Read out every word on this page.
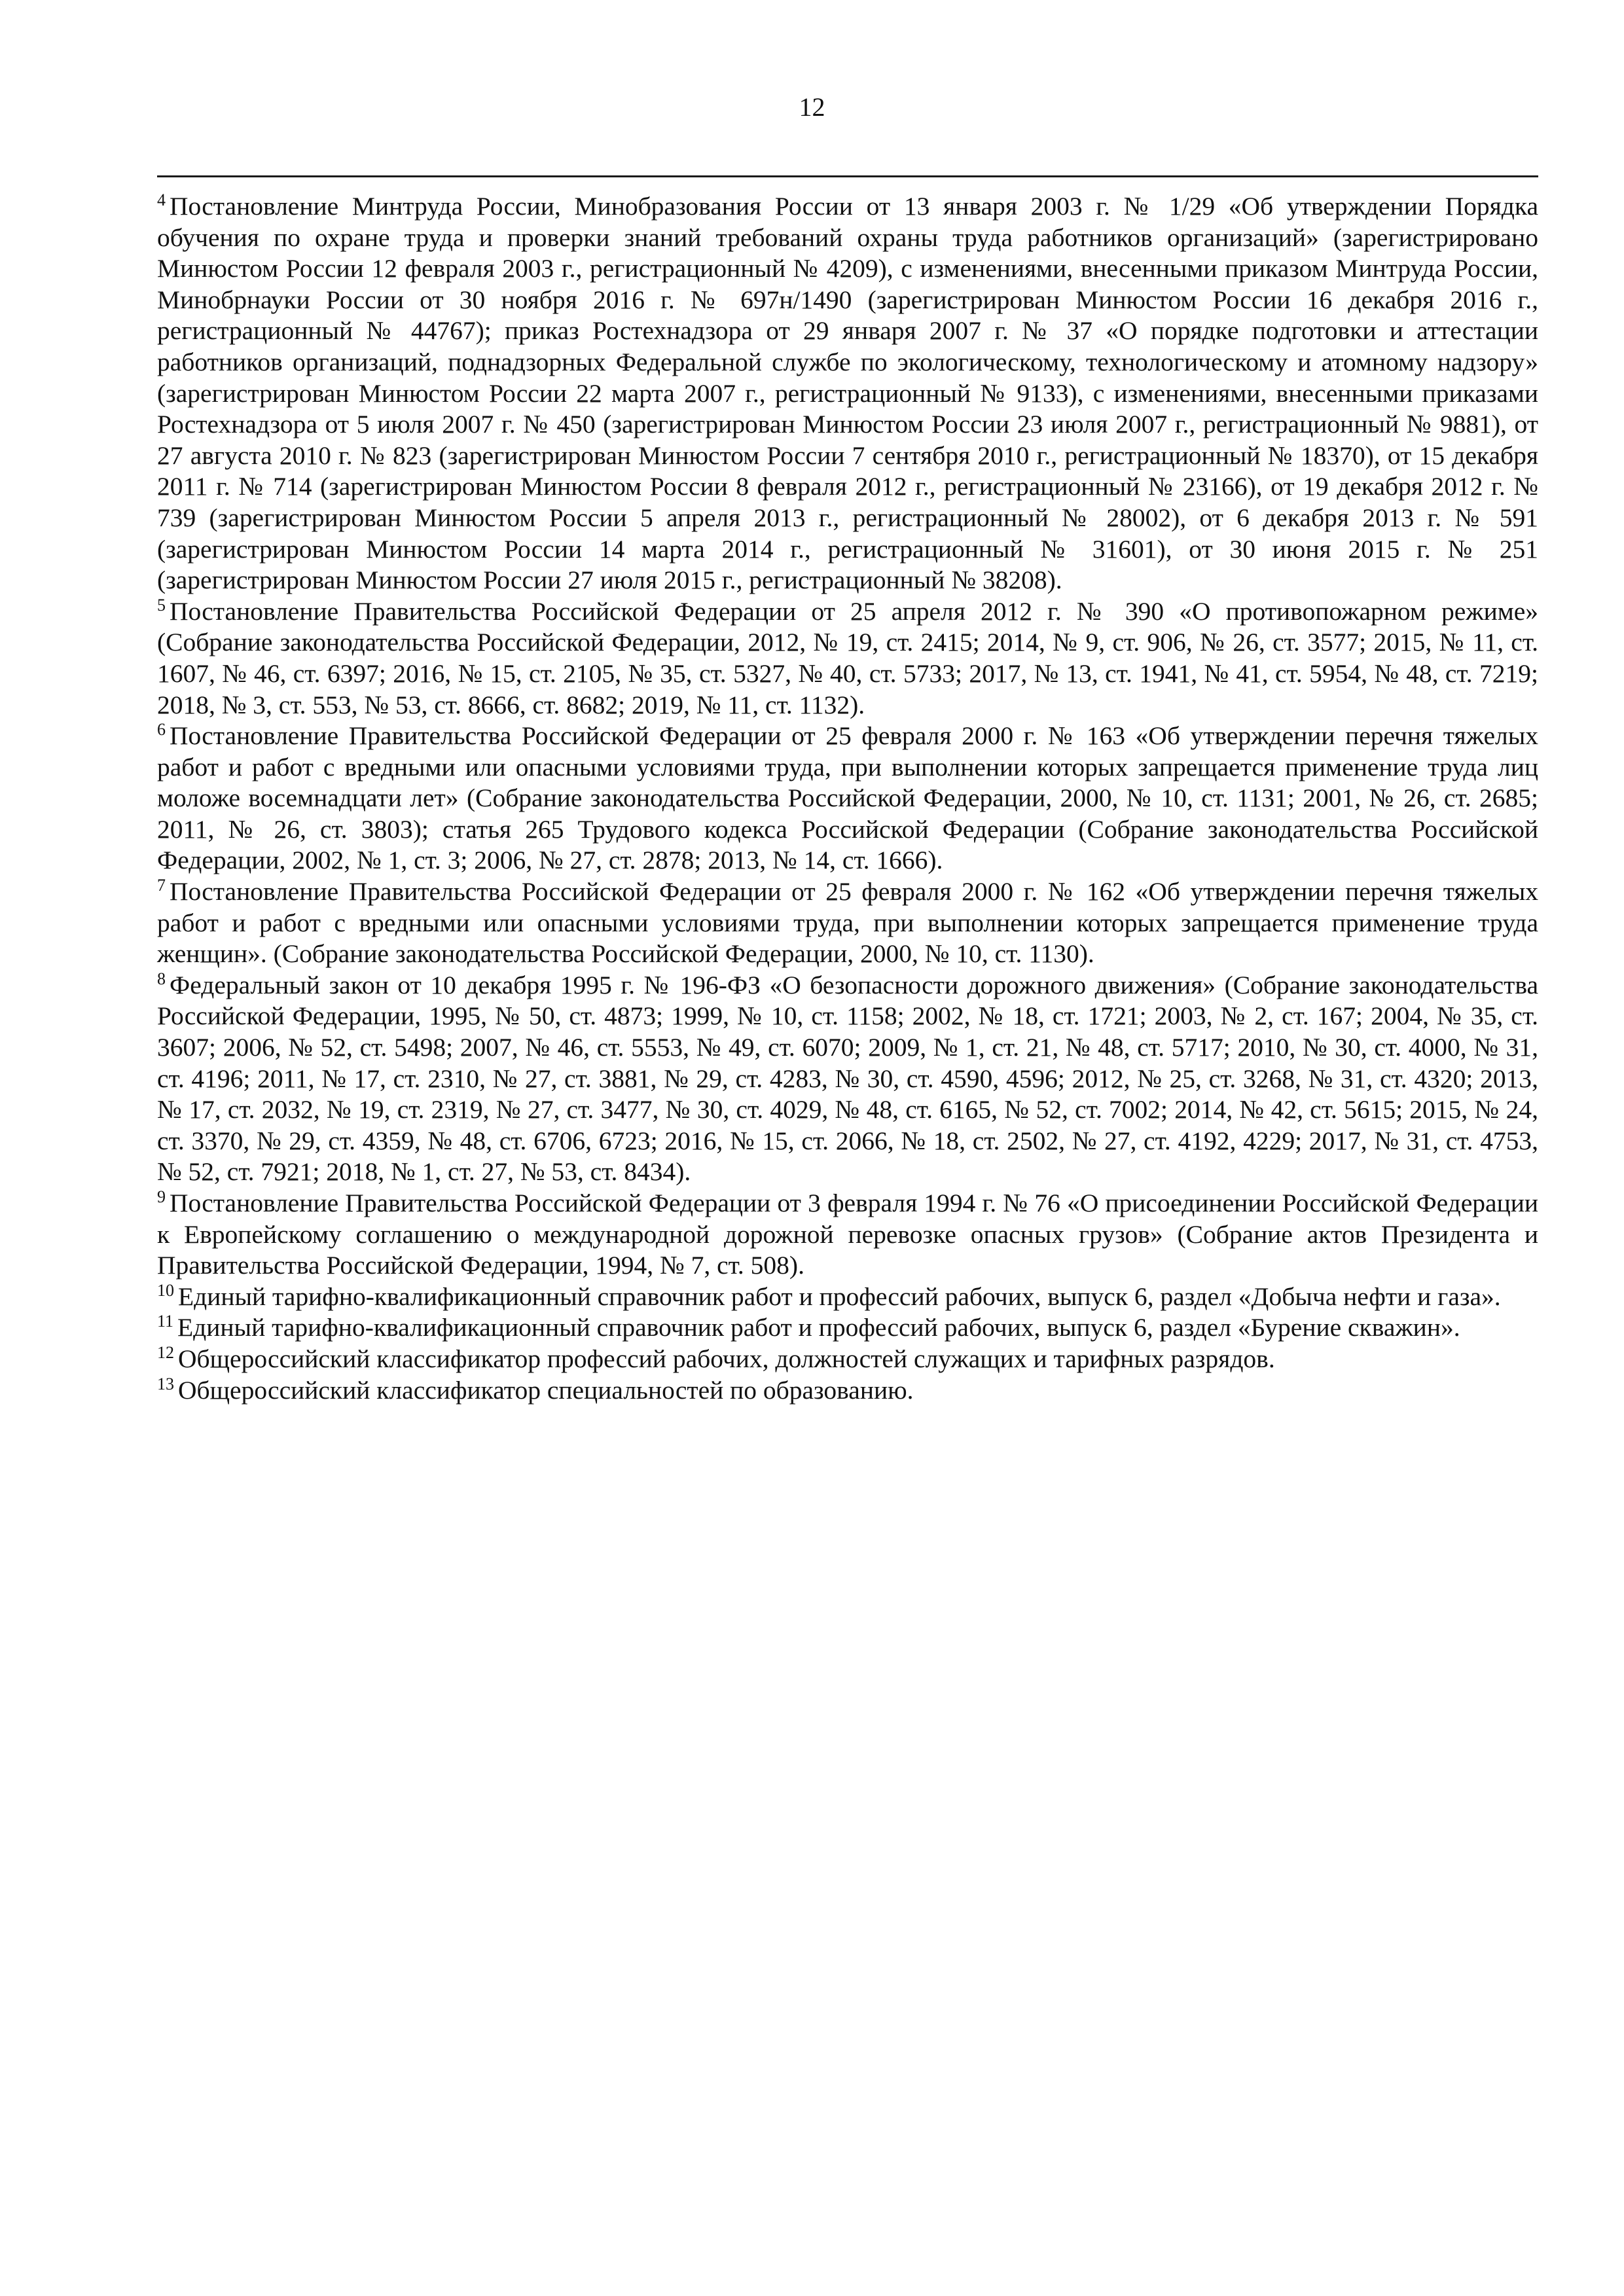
12

$^4$ Постановление Минтруда России, Минобразования России от 13 января 2003 г. № 1/29 «Об утверждении Порядка обучения по охране труда и проверки знаний требований охраны труда работников организаций» (зарегистрировано Минюстом России 12 февраля 2003 г., регистрационный № 4209), с изменениями, внесенными приказом Минтруда России, Минобрнауки России от 30 ноября 2016 г. № 697н/1490 (зарегистрирован Минюстом России 16 декабря 2016 г., регистрационный № 44767); приказ Ростехнадзора от 29 января 2007 г. № 37 «О порядке подготовки и аттестации работников организаций, поднадзорных Федеральной службе по экологическому, технологическому и атомному надзору» (зарегистрирован Минюстом России 22 марта 2007 г., регистрационный № 9133), с изменениями, внесенными приказами Ростехнадзора от 5 июля 2007 г. № 450 (зарегистрирован Минюстом России 23 июля 2007 г., регистрационный № 9881), от 27 августа 2010 г. № 823 (зарегистрирован Минюстом России 7 сентября 2010 г., регистрационный № 18370), от 15 декабря 2011 г. № 714 (зарегистрирован Минюстом России 8 февраля 2012 г., регистрационный № 23166), от 19 декабря 2012 г. № 739 (зарегистрирован Минюстом России 5 апреля 2013 г., регистрационный № 28002), от 6 декабря 2013 г. № 591 (зарегистрирован Минюстом России 14 марта 2014 г., регистрационный № 31601), от 30 июня 2015 г. № 251 (зарегистрирован Минюстом России 27 июля 2015 г., регистрационный № 38208).

$^5$ Постановление Правительства Российской Федерации от 25 апреля 2012 г. № 390 «О противопожарном режиме» (Собрание законодательства Российской Федерации, 2012, № 19, ст. 2415; 2014, № 9, ст. 906, № 26, ст. 3577; 2015, № 11, ст. 1607, № 46, ст. 6397; 2016, № 15, ст. 2105, № 35, ст. 5327, № 40, ст. 5733; 2017, № 13, ст. 1941, № 41, ст. 5954, № 48, ст. 7219; 2018, № 3, ст. 553, № 53, ст. 8666, ст. 8682; 2019, № 11, ст. 1132).

$^6$ Постановление Правительства Российской Федерации от 25 февраля 2000 г. № 163 «Об утверждении перечня тяжелых работ и работ с вредными или опасными условиями труда, при выполнении которых запрещается применение труда лиц моложе восемнадцати лет» (Собрание законодательства Российской Федерации, 2000, № 10, ст. 1131; 2001, № 26, ст. 2685; 2011, № 26, ст. 3803); статья 265 Трудового кодекса Российской Федерации (Собрание законодательства Российской Федерации, 2002, № 1, ст. 3; 2006, № 27, ст. 2878; 2013, № 14, ст. 1666).

$^7$ Постановление Правительства Российской Федерации от 25 февраля 2000 г. № 162 «Об утверждении перечня тяжелых работ и работ с вредными или опасными условиями труда, при выполнении которых запрещается применение труда женщин». (Собрание законодательства Российской Федерации, 2000, № 10, ст. 1130).

$^8$ Федеральный закон от 10 декабря 1995 г. № 196-ФЗ «О безопасности дорожного движения» (Собрание законодательства Российской Федерации, 1995, № 50, ст. 4873; 1999, № 10, ст. 1158; 2002, № 18, ст. 1721; 2003, № 2, ст. 167; 2004, № 35, ст. 3607; 2006, № 52, ст. 5498; 2007, № 46, ст. 5553, № 49, ст. 6070; 2009, № 1, ст. 21, № 48, ст. 5717; 2010, № 30, ст. 4000, № 31, ст. 4196; 2011, № 17, ст. 2310, № 27, ст. 3881, № 29, ст. 4283, № 30, ст. 4590, 4596; 2012, № 25, ст. 3268, № 31, ст. 4320; 2013, № 17, ст. 2032, № 19, ст. 2319, № 27, ст. 3477, № 30, ст. 4029, № 48, ст. 6165, № 52, ст. 7002; 2014, № 42, ст. 5615; 2015, № 24, ст. 3370, № 29, ст. 4359, № 48, ст. 6706, 6723; 2016, № 15, ст. 2066, № 18, ст. 2502, № 27, ст. 4192, 4229; 2017, № 31, ст. 4753, № 52, ст. 7921; 2018, № 1, ст. 27, № 53, ст. 8434).

$^9$ Постановление Правительства Российской Федерации от 3 февраля 1994 г. № 76 «О присоединении Российской Федерации к Европейскому соглашению о международной дорожной перевозке опасных грузов» (Собрание актов Президента и Правительства Российской Федерации, 1994, № 7, ст. 508).

$^{10}$ Единый тарифно-квалификационный справочник работ и профессий рабочих, выпуск 6, раздел «Добыча нефти и газа».

$^{11}$ Единый тарифно-квалификационный справочник работ и профессий рабочих, выпуск 6, раздел «Бурение скважин».

$^{12}$ Общероссийский классификатор профессий рабочих, должностей служащих и тарифных разрядов.

$^{13}$ Общероссийский классификатор специальностей по образованию.
